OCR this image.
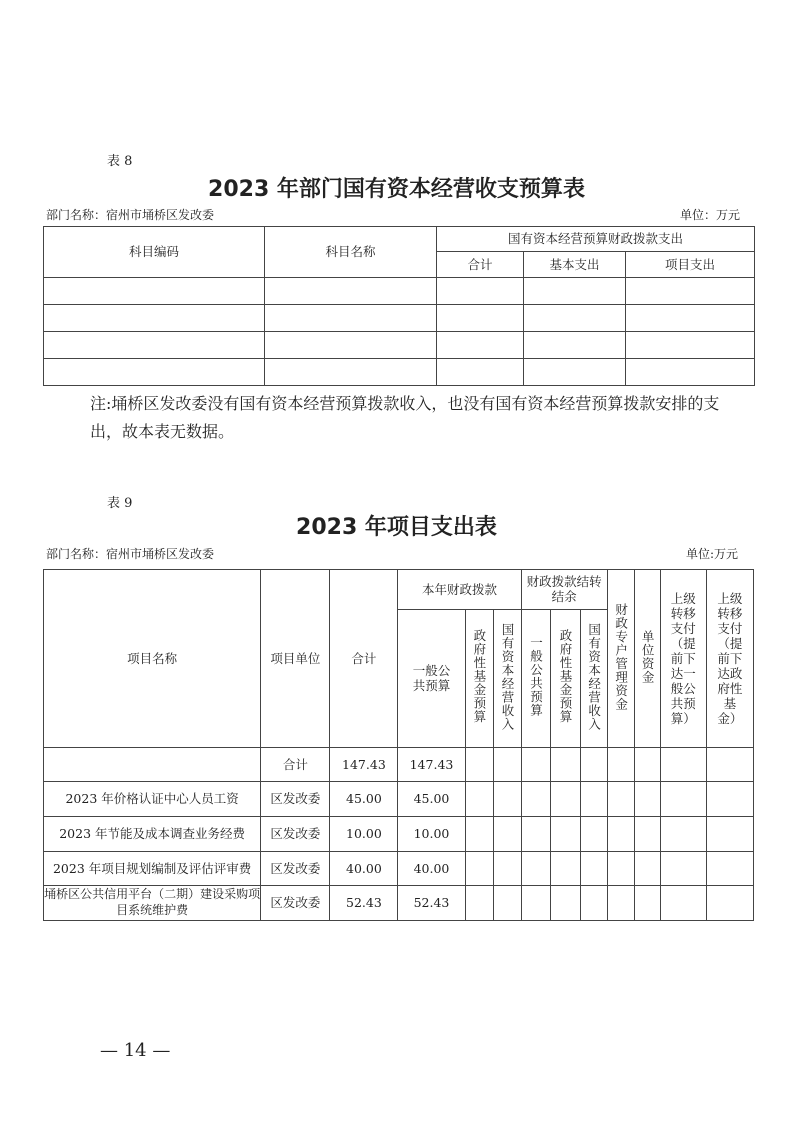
表 8
2023 年部门国有资本经营收支预算表
部门名称：宿州市埇桥区发改委	单位：万元
科目编码	科目名称	国有资本经营预算财政拨款支出		
		合计	基本支出	项目支出

注:埇桥区发改委没有国有资本经营预算拨款收入，也没有国有资本经营预算拨款安排的支出，故本表无数据。
表 9
2023 年项目支出表
部门名称：宿州市埇桥区发改委	单位:万元
项目名称	项目单位	合计	本年财政拨款			财政拨款结转结余			财政专户管理资金	单位资金	上级转移支付（提前下达一般公共预算）	上级转移支付（提前下达政府性基金）
			一般公共预算	政府性基金预算	国有资本经营收入	一般公共预算	政府性基金预算	国有资本经营收入				
	合计	147.43	147.43									
2023 年价格认证中心人员工资	区发改委	45.00	45.00									
2023 年节能及成本调查业务经费	区发改委	10.00	10.00									
2023 年项目规划编制及评估评审费	区发改委	40.00	40.00									
埇桥区公共信用平台（二期）建设采购项目系统维护费	区发改委	52.43	52.43									
— 14 —
